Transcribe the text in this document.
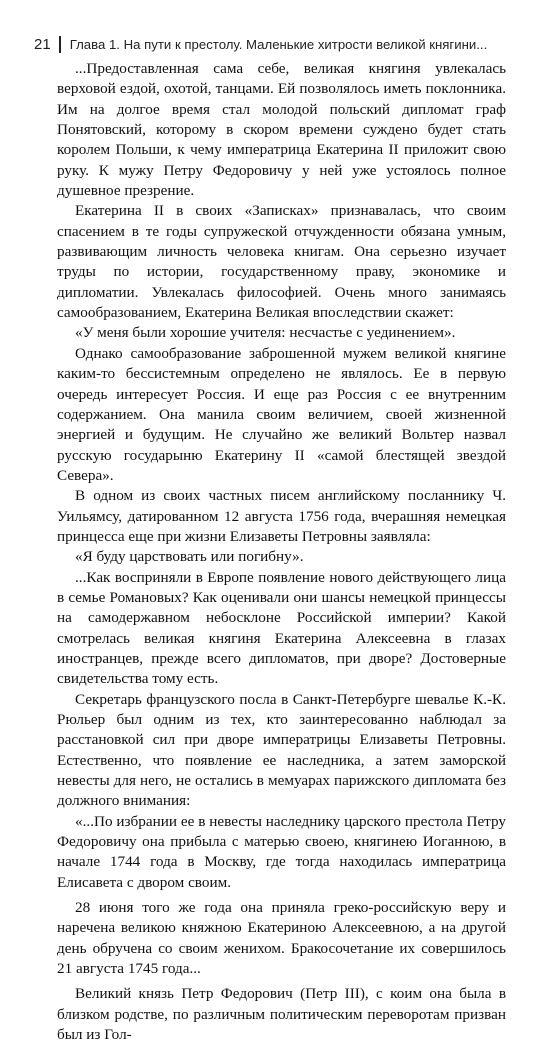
21 Глава 1. На пути к престолу. Маленькие хитрости великой княгини...

...Предоставленная сама себе, великая княгиня увлекалась верховой ездой, охотой, танцами. Ей позволялось иметь поклонника. Им на долгое время стал молодой польский дипломат граф Понятовский, которому в скором времени суждено будет стать королем Польши, к чему императрица Екатерина II приложит свою руку. К мужу Петру Федоровичу у ней уже устоялось полное душевное презрение.

Екатерина II в своих «Записках» признавалась, что своим спасением в те годы супружеской отчужденности обязана умным, развивающим личность человека книгам. Она серьезно изучает труды по истории, государственному праву, экономике и дипломатии. Увлекалась философией. Очень много занимаясь самообразованием, Екатерина Великая впоследствии скажет:

«У меня были хорошие учителя: несчастье с уединением».

Однако самообразование заброшенной мужем великой княгине каким-то бессистемным определено не являлось. Ее в первую очередь интересует Россия. И еще раз Россия с ее внутренним содержанием. Она манила своим величием, своей жизненной энергией и будущим. Не случайно же великий Вольтер назвал русскую государыню Екатерину II «самой блестящей звездой Севера».

В одном из своих частных писем английскому посланнику Ч. Уильямсу, датированном 12 августа 1756 года, вчерашняя немецкая принцесса еще при жизни Елизаветы Петровны заявляла:

«Я буду царствовать или погибну».

...Как восприняли в Европе появление нового действующего лица в семье Романовых? Как оценивали они шансы немецкой принцессы на самодержавном небосклоне Российской империи? Какой смотрелась великая княгиня Екатерина Алексеевна в глазах иностранцев, прежде всего дипломатов, при дворе? Достоверные свидетельства тому есть.

Секретарь французского посла в Санкт-Петербурге шевалье К.-К. Рюльер был одним из тех, кто заинтересованно наблюдал за расстановкой сил при дворе императрицы Елизаветы Петровны. Естественно, что появление ее наследника, а затем заморской невесты для него, не остались в мемуарах парижского дипломата без должного внимания:

«...По избрании ее в невесты наследнику царского престола Петру Федоровичу она прибыла с матерью своею, княгинею Иоганною, в начале 1744 года в Москву, где тогда находилась императрица Елисавета с двором своим.

28 июня того же года она приняла греко-российскую веру и наречена великою княжною Екатериною Алексеевною, а на другой день обручена со своим женихом. Бракосочетание их совершилось 21 августа 1745 года...

Великий князь Петр Федорович (Петр III), с коим она была в близком родстве, по различным политическим переворотам призван был из Гол-
